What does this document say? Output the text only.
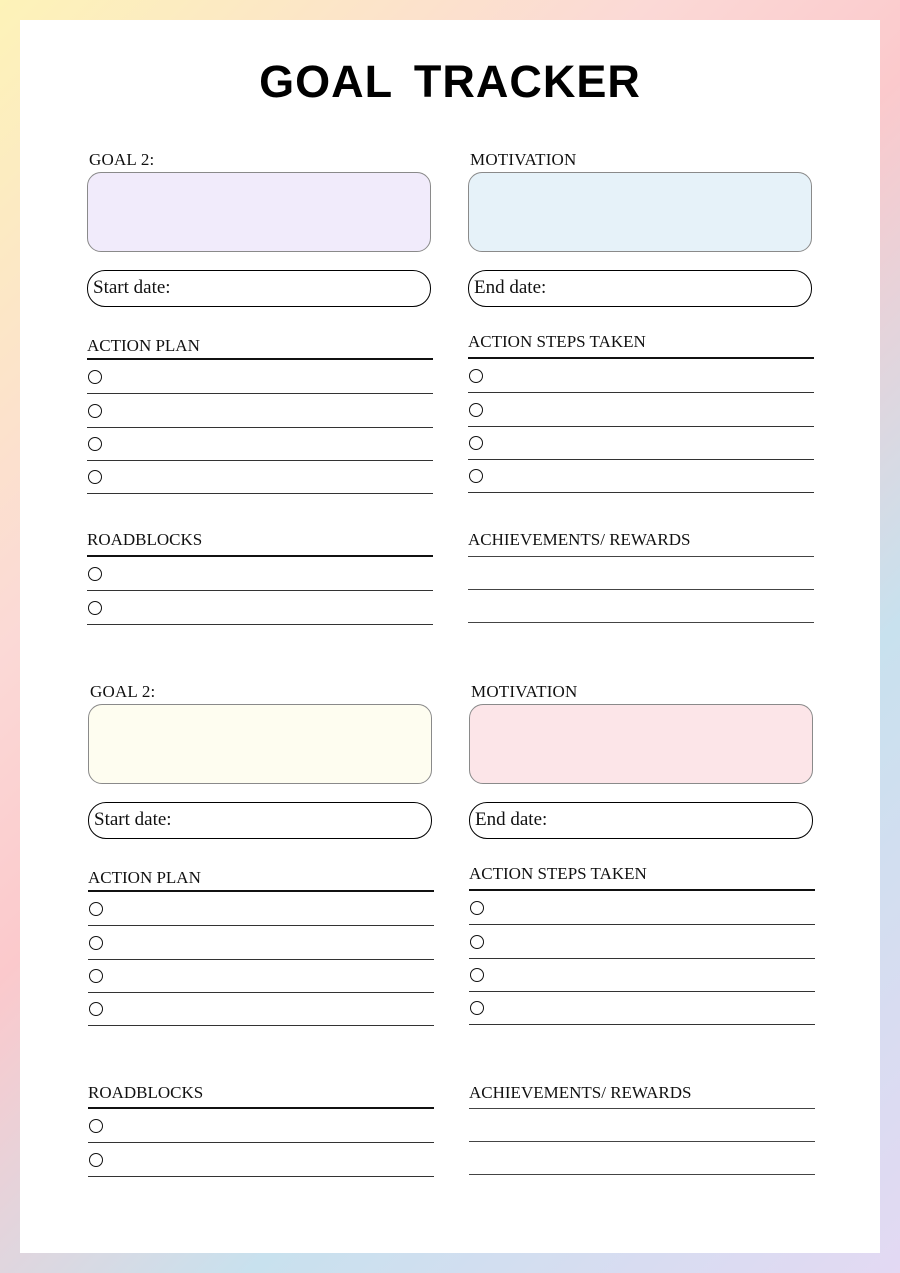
GOAL TRACKER
GOAL 2:
Start date:
ACTION PLAN
ROADBLOCKS
MOTIVATION
End date:
ACTION STEPS TAKEN
ACHIEVEMENTS/ REWARDS
GOAL 2:
Start date:
ACTION PLAN
ROADBLOCKS
MOTIVATION
End date:
ACTION STEPS TAKEN
ACHIEVEMENTS/ REWARDS
